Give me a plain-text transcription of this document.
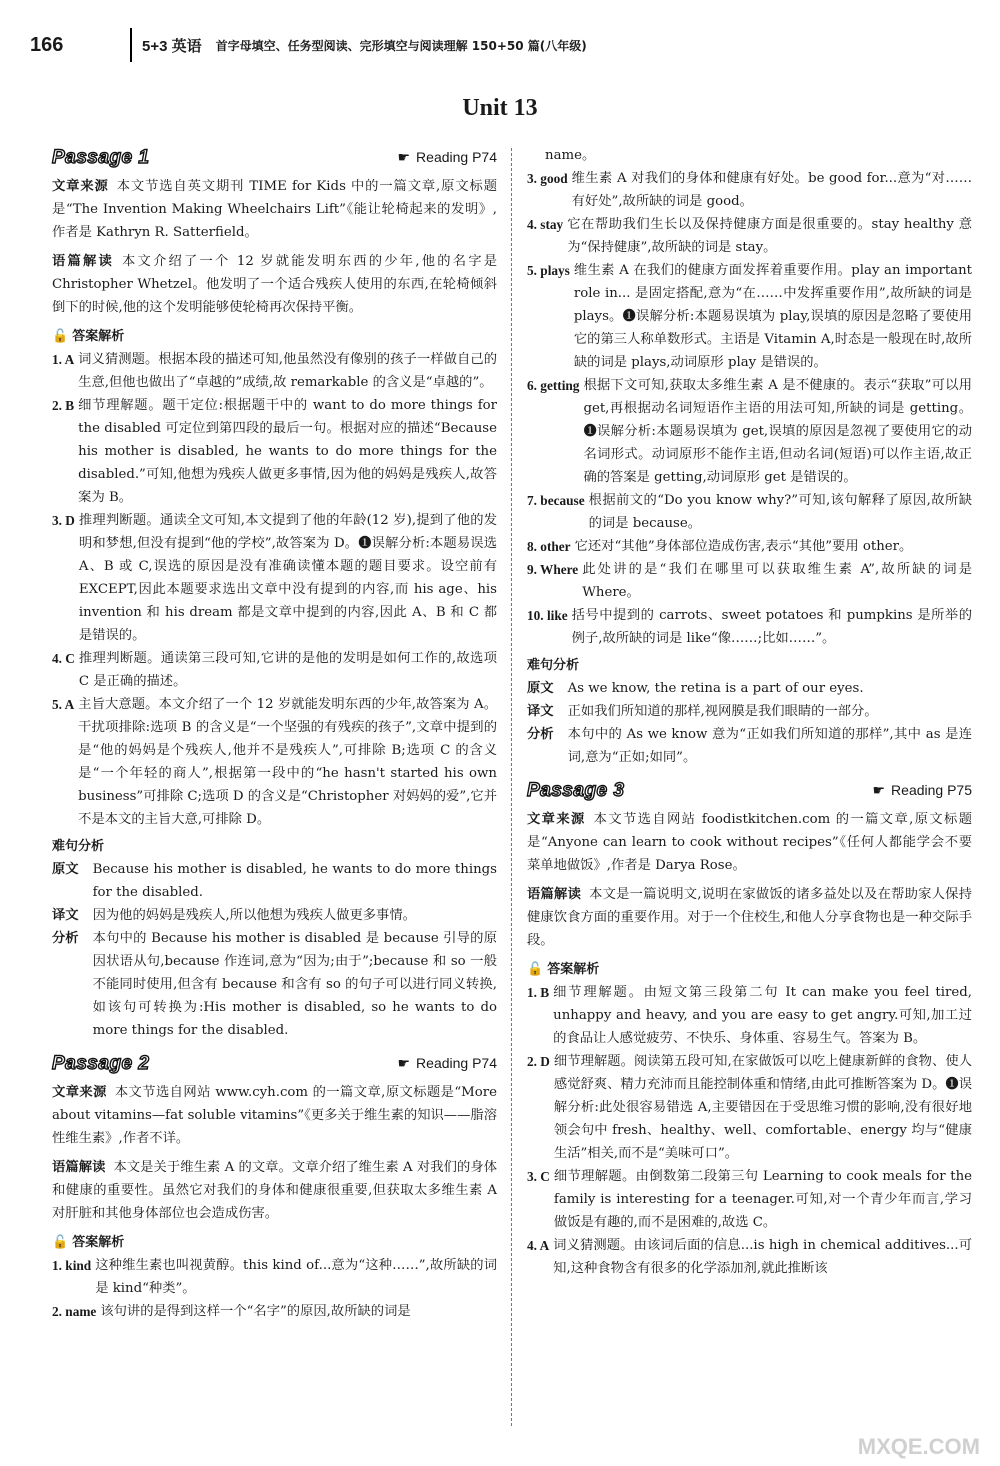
166	5+3 英语 首字母填空、任务型阅读、完形填空与阅读理解 150+50 篇(八年级)
Unit 13
Passage 1	☛ Reading P74
文章来源 本文节选自英文期刊 TIME for Kids 中的一篇文章,原文标题是“The Invention Making Wheelchairs Lift”《能让轮椅起来的发明》,作者是 Kathryn R. Satterfield。
语篇解读 本文介绍了一个 12 岁就能发明东西的少年,他的名字是 Christopher Whetzel。他发明了一个适合残疾人使用的东西,在轮椅倾斜倒下的时候,他的这个发明能够使轮椅再次保持平衡。
🔓 答案解析
1. A 词义猜测题。根据本段的描述可知,他虽然没有像别的孩子一样做自己的生意,但他也做出了“卓越的”成绩,故 remarkable 的含义是“卓越的”。
2. B 细节理解题。题干定位:根据题干中的 want to do more things for the disabled 可定位到第四段的最后一句。根据对应的描述“Because his mother is disabled, he wants to do more things for the disabled.”可知,他想为残疾人做更多事情,因为他的妈妈是残疾人,故答案为 B。
3. D 推理判断题。通读全文可知,本文提到了他的年龄(12 岁),提到了他的发明和梦想,但没有提到“他的学校”,故答案为 D。❶误解分析:本题易误选 A、B 或 C,误选的原因是没有准确读懂本题的题目要求。设空前有 EXCEPT,因此本题要求选出文章中没有提到的内容,而 his age、his invention 和 his dream 都是文章中提到的内容,因此 A、B 和 C 都是错误的。
4. C 推理判断题。通读第三段可知,它讲的是他的发明是如何工作的,故选项 C 是正确的描述。
5. A 主旨大意题。本文介绍了一个 12 岁就能发明东西的少年,故答案为 A。干扰项排除:选项 B 的含义是“一个坚强的有残疾的孩子”,文章中提到的是“他的妈妈是个残疾人,他并不是残疾人”,可排除 B;选项 C 的含义是“一个年轻的商人”,根据第一段中的“he hasn't started his own business”可排除 C;选项 D 的含义是“Christopher 对妈妈的爱”,它并不是本文的主旨大意,可排除 D。
难句分析
原文 Because his mother is disabled, he wants to do more things for the disabled.
译文 因为他的妈妈是残疾人,所以他想为残疾人做更多事情。
分析 本句中的 Because his mother is disabled 是 because 引导的原因状语从句,because 作连词,意为“因为;由于”;because 和 so 一般不能同时使用,但含有 because 和含有 so 的句子可以进行同义转换,如该句可转换为:His mother is disabled, so he wants to do more things for the disabled.
Passage 2	☛ Reading P74
文章来源 本文节选自网站 www.cyh.com 的一篇文章,原文标题是“More about vitamins—fat soluble vitamins”《更多关于维生素的知识——脂溶性维生素》,作者不详。
语篇解读 本文是关于维生素 A 的文章。文章介绍了维生素 A 对我们的身体和健康的重要性。虽然它对我们的身体和健康很重要,但获取太多维生素 A 对肝脏和其他身体部位也会造成伤害。
🔓 答案解析
1. kind 这种维生素也叫视黄醇。this kind of...意为“这种……”,故所缺的词是 kind“种类”。
2. name 该句讲的是得到这样一个“名字”的原因,故所缺的词是
name。
3. good 维生素 A 对我们的身体和健康有好处。be good for...意为“对……有好处”,故所缺的词是 good。
4. stay 它在帮助我们生长以及保持健康方面是很重要的。stay healthy 意为“保持健康”,故所缺的词是 stay。
5. plays 维生素 A 在我们的健康方面发挥着重要作用。play an important role in... 是固定搭配,意为“在……中发挥重要作用”,故所缺的词是 plays。❶误解分析:本题易误填为 play,误填的原因是忽略了要使用它的第三人称单数形式。主语是 Vitamin A,时态是一般现在时,故所缺的词是 plays,动词原形 play 是错误的。
6. getting 根据下文可知,获取太多维生素 A 是不健康的。表示“获取”可以用 get,再根据动名词短语作主语的用法可知,所缺的词是 getting。❶误解分析:本题易误填为 get,误填的原因是忽视了要使用它的动名词形式。动词原形不能作主语,但动名词(短语)可以作主语,故正确的答案是 getting,动词原形 get 是错误的。
7. because 根据前文的“Do you know why?”可知,该句解释了原因,故所缺的词是 because。
8. other 它还对“其他”身体部位造成伤害,表示“其他”要用 other。
9. Where 此处讲的是“我们在哪里可以获取维生素 A”,故所缺的词是 Where。
10. like 括号中提到的 carrots、sweet potatoes 和 pumpkins 是所举的例子,故所缺的词是 like“像……;比如……”。
难句分析
原文 As we know, the retina is a part of our eyes.
译文 正如我们所知道的那样,视网膜是我们眼睛的一部分。
分析 本句中的 As we know 意为“正如我们所知道的那样”,其中 as 是连词,意为“正如;如同”。
Passage 3	☛ Reading P75
文章来源 本文节选自网站 foodistkitchen.com 的一篇文章,原文标题是“Anyone can learn to cook without recipes”《任何人都能学会不要菜单地做饭》,作者是 Darya Rose。
语篇解读 本文是一篇说明文,说明在家做饭的诸多益处以及在帮助家人保持健康饮食方面的重要作用。对于一个住校生,和他人分享食物也是一种交际手段。
🔓 答案解析
1. B 细节理解题。由短文第三段第二句 It can make you feel tired, unhappy and heavy, and you are easy to get angry.可知,加工过的食品让人感觉疲劳、不快乐、身体重、容易生气。答案为 B。
2. D 细节理解题。阅读第五段可知,在家做饭可以吃上健康新鲜的食物、使人感觉舒爽、精力充沛而且能控制体重和情绪,由此可推断答案为 D。❶误解分析:此处很容易错选 A,主要错因在于受思维习惯的影响,没有很好地领会句中 fresh、healthy、well、comfortable、energy 均与“健康生活”相关,而不是“美味可口”。
3. C 细节理解题。由倒数第二段第三句 Learning to cook meals for the family is interesting for a teenager.可知,对一个青少年而言,学习做饭是有趣的,而不是困难的,故选 C。
4. A 词义猜测题。由该词后面的信息...is high in chemical additives...可知,这种食物含有很多的化学添加剂,就此推断该
MXQE.COM
